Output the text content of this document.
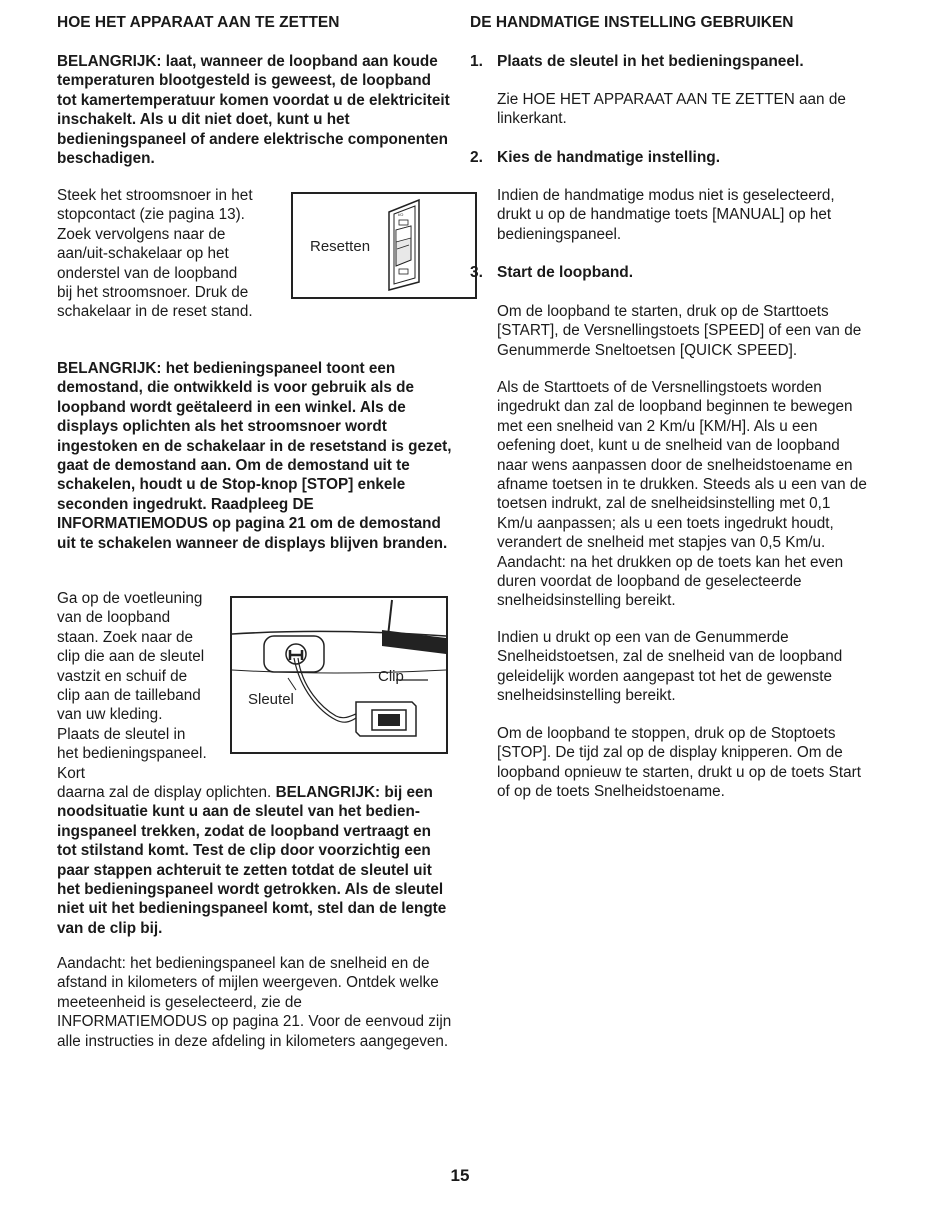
HOE HET APPARAAT AAN TE ZETTEN

BELANGRIJK: laat, wanneer de loopband aan koude temperaturen blootgesteld is geweest, de loopband tot kamertemperatuur komen voordat u de elektriciteit inschakelt. Als u dit niet doet, kunt u het bedieningspaneel of andere elektrische componenten beschadigen.

Steek het stroomsnoer in het stopcontact (zie pagina 13). Zoek vervolgens naar de aan/uit-schakelaar op het onderstel van de loopband bij het stroomsnoer. Druk de schakelaar in de reset stand.

Resetten
I/O

BELANGRIJK: het bedieningspaneel toont een demostand, die ontwikkeld is voor gebruik als de loopband wordt geëtaleerd in een winkel. Als de displays oplichten als het stroomsnoer wordt ingestoken en de schakelaar in de resetstand is gezet, gaat de demostand aan. Om de demostand uit te schakelen, houdt u de Stop-knop [STOP] enkele seconden ingedrukt. Raadpleeg DE INFORMATIEMODUS op pagina 21 om de demostand uit te schakelen wanneer de displays blijven branden.

Ga op de voetleuning van de loopband staan. Zoek naar de clip die aan de sleutel vastzit en schuif de clip aan de tailleband van uw kleding. Plaats de sleutel in het bedieningspaneel. Kort

Clip
Sleutel

daarna zal de display oplichten. BELANGRIJK: bij een noodsituatie kunt u aan de sleutel van het bedieningspaneel trekken, zodat de loopband vertraagt en tot stilstand komt. Test de clip door voorzichtig een paar stappen achteruit te zetten totdat de sleutel uit het bedieningspaneel wordt getrokken. Als de sleutel niet uit het bedieningspaneel komt, stel dan de lengte van de clip bij.

Aandacht: het bedieningspaneel kan de snelheid en de afstand in kilometers of mijlen weergeven. Ontdek welke meeteenheid is geselecteerd, zie de INFORMATIEMODUS op pagina 21. Voor de eenvoud zijn alle instructies in deze afdeling in kilometers aangegeven.

DE HANDMATIGE INSTELLING GEBRUIKEN
1. Plaats de sleutel in het bedieningspaneel.

Zie HOE HET APPARAAT AAN TE ZETTEN aan de linkerkant.

2. Kies de handmatige instelling.

Indien de handmatige modus niet is geselecteerd, drukt u op de handmatige toets [MANUAL] op het bedieningspaneel.

3. Start de loopband.

Om de loopband te starten, druk op de Starttoets [START], de Versnellingstoets [SPEED] of een van de Genummerde Sneltoetsen [QUICK SPEED].

Als de Starttoets of de Versnellingstoets worden ingedrukt dan zal de loopband beginnen te bewegen met een snelheid van 2 Km/u [KM/H]. Als u een oefening doet, kunt u de snelheid van de loopband naar wens aanpassen door de snelheidstoename en afname toetsen in te drukken. Steeds als u een van de toetsen indrukt, zal de snelheidsinstelling met 0,1 Km/u aanpassen; als u een toets ingedrukt houdt, verandert de snelheid met stapjes van 0,5 Km/u. Aandacht: na het drukken op de toets kan het even duren voordat de loopband de geselecteerde snelheidsinstelling bereikt.

Indien u drukt op een van de Genummerde Snelheidstoetsen, zal de snelheid van de loopband geleidelijk worden aangepast tot het de gewenste snelheidsinstelling bereikt.

Om de loopband te stoppen, druk op de Stoptoets [STOP]. De tijd zal op de display knipperen. Om de loopband opnieuw te starten, drukt u op de toets Start of op de toets Snelheidstoename.

15
